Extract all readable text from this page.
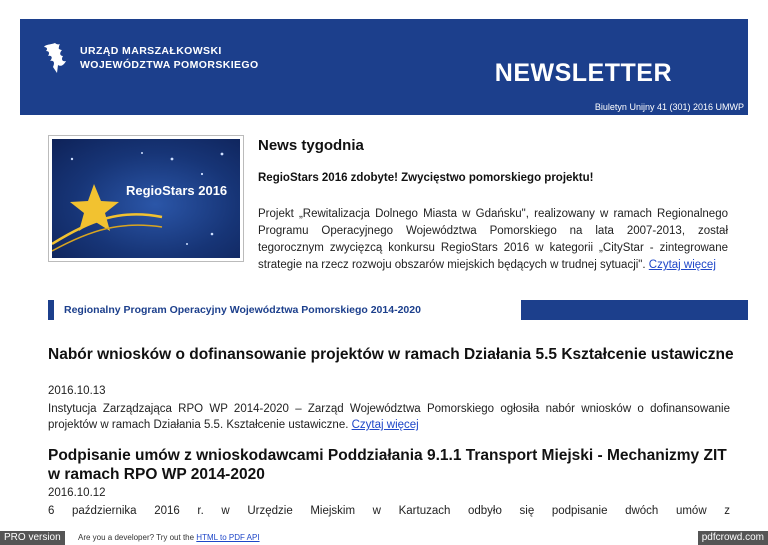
URZĄD MARSZAŁKOWSKI
WOJEWÓDZTWA POMORSKIEGO	NEWSLETTER
Biuletyn Unijny 41 (301) 2016 UMWP
RegioStars 2016
News tygodnia
RegioStars 2016 zdobyte! Zwycięstwo pomorskiego projektu!
Projekt „Rewitalizacja Dolnego Miasta w Gdańsku", realizowany w ramach Regionalnego Programu Operacyjnego Województwa Pomorskiego na lata 2007-2013, został tegorocznym zwycięzcą konkursu RegioStars 2016 w kategorii „CityStar - zintegrowane strategie na rzecz rozwoju obszarów miejskich będących w trudnej sytuacji". Czytaj więcej
Regionalny Program Operacyjny Województwa Pomorskiego 2014-2020
Nabór wniosków o dofinansowanie projektów w ramach Działania 5.5 Kształcenie ustawiczne
2016.10.13
Instytucja Zarządzająca RPO WP 2014-2020 – Zarząd Województwa Pomorskiego ogłosiła nabór wniosków o dofinansowanie projektów w ramach Działania 5.5. Kształcenie ustawiczne. Czytaj więcej
Podpisanie umów z wnioskodawcami Poddziałania 9.1.1 Transport Miejski - Mechanizmy ZIT w ramach RPO WP 2014-2020
2016.10.12
6 października 2016 r. w Urzędzie Miejskim w Kartuzach odbyło się podpisanie dwóch umów z
PRO version	Are you a developer? Try out the HTML to PDF API	pdfcrowd.com
